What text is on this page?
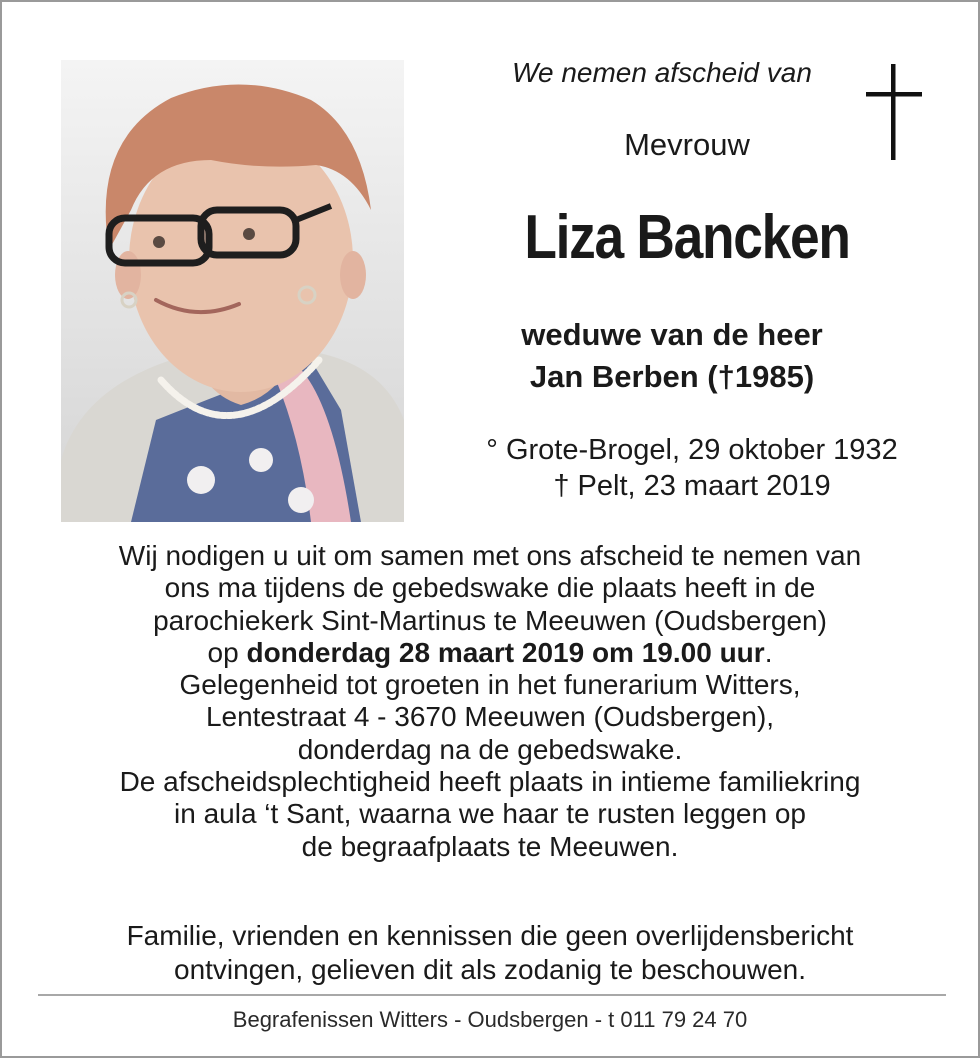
We nemen afscheid van
Mevrouw
Liza Bancken
weduwe van de heer
Jan Berben (†1985)
° Grote-Brogel, 29 oktober 1932
† Pelt, 23 maart 2019

Wij nodigen u uit om samen met ons afscheid te nemen van

ons ma tijdens de gebedswake die plaats heeft in de

parochiekerk Sint-Martinus te Meeuwen (Oudsbergen)

op donderdag 28 maart 2019 om 19.00 uur.

Gelegenheid tot groeten in het funerarium Witters,

Lentestraat 4 - 3670 Meeuwen (Oudsbergen),

donderdag na de gebedswake.

De afscheidsplechtigheid heeft plaats in intieme familiekring

in aula ‘t Sant, waarna we haar te rusten leggen op

de begraafplaats te Meeuwen.

Familie, vrienden en kennissen die geen overlijdensbericht

ontvingen, gelieven dit als zodanig te beschouwen.

Begrafenissen Witters - Oudsbergen - t 011 79 24 70
